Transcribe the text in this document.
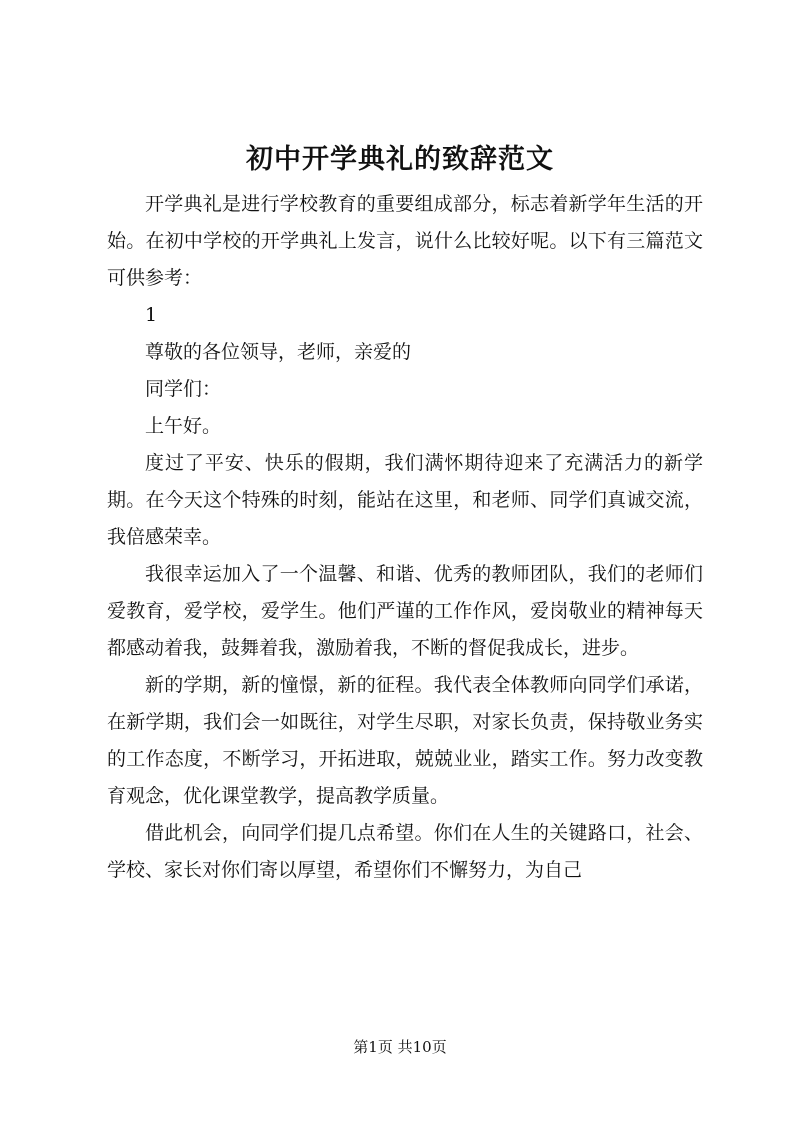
初中开学典礼的致辞范文

开学典礼是进行学校教育的重要组成部分，标志着新学年生活的开始。在初中学校的开学典礼上发言，说什么比较好呢。以下有三篇范文可供参考：

1

尊敬的各位领导，老师，亲爱的

同学们：

上午好。

度过了平安、快乐的假期，我们满怀期待迎来了充满活力的新学期。在今天这个特殊的时刻，能站在这里，和老师、同学们真诚交流，我倍感荣幸。

我很幸运加入了一个温馨、和谐、优秀的教师团队，我们的老师们爱教育，爱学校，爱学生。他们严谨的工作作风，爱岗敬业的精神每天都感动着我，鼓舞着我，激励着我，不断的督促我成长，进步。

新的学期，新的憧憬，新的征程。我代表全体教师向同学们承诺，在新学期，我们会一如既往，对学生尽职，对家长负责，保持敬业务实的工作态度，不断学习，开拓进取，兢兢业业，踏实工作。努力改变教育观念，优化课堂教学，提高教学质量。

借此机会，向同学们提几点希望。你们在人生的关键路口，社会、学校、家长对你们寄以厚望，希望你们不懈努力，为自己

第1页 共10页
